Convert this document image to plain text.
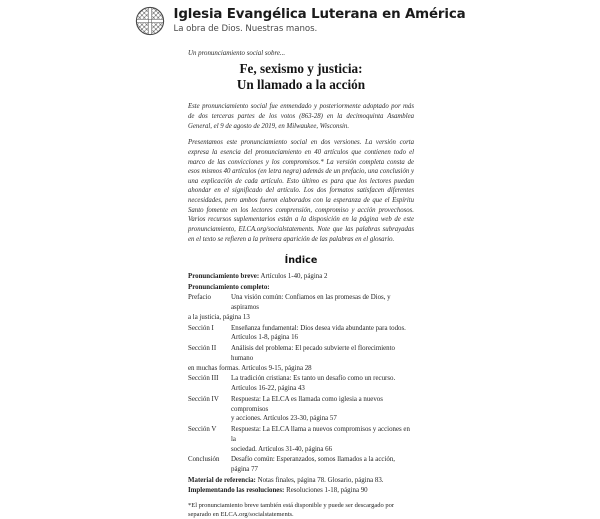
Iglesia Evangélica Luterana en América
La obra de Dios. Nuestras manos.
Un pronunciamiento social sobre...
Fe, sexismo y justicia:
Un llamado a la acción

Este pronunciamiento social fue enmendado y posteriormente adoptado por más de dos terceras partes de los votos (863-28) en la decimoquinta Asamblea General, el 9 de agosto de 2019, en Milwaukee, Wisconsin.

Presentamos este pronunciamiento social en dos versiones. La versión corta expresa la esencia del pronunciamiento en 40 artículos que contienen todo el marco de las convicciones y los compromisos.* La versión completa consta de esos mismos 40 artículos (en letra negra) además de un prefacio, una conclusión y una explicación de cada artículo. Esto último es para que los lectores puedan ahondar en el significado del artículo. Los dos formatos satisfacen diferentes necesidades, pero ambos fueron elaborados con la esperanza de que el Espíritu Santo fomente en los lectores comprensión, compromiso y acción provechosos. Varios recursos suplementarios están a la disposición en la página web de este pronunciamiento, ELCA.org/socialstatements. Note que las palabras subrayadas en el texto se refieren a la primera aparición de las palabras en el glosario.

Índice
Pronunciamiento breve: Artículos 1-40, página 2
Pronunciamiento completo:
Prefacio	Una visión común: Confiamos en las promesas de Dios, y aspiramos
a la justicia, página 13
Sección I	Enseñanza fundamental: Dios desea vida abundante para todos.
Artículos 1-8, página 16
Sección II	Análisis del problema: El pecado subvierte el florecimiento humano
en muchas formas. Artículos 9-15, página 28
Sección III	La tradición cristiana: Es tanto un desafío como un recurso.
Artículos 16-22, página 43
Sección IV	Respuesta: La ELCA es llamada como iglesia a nuevos compromisos
y acciones. Artículos 23-30, página 57
Sección V	Respuesta: La ELCA llama a nuevos compromisos y acciones en la
sociedad. Artículos 31-40, página 66
Conclusión	Desafío común: Esperanzados, somos llamados a la acción, página 77
Material de referencia: Notas finales, página 78. Glosario, página 83.
Implementando las resoluciones: Resoluciones 1-18, página 90
*El pronunciamiento breve también está disponible y puede ser descargado por separado en ELCA.org/socialstatements.
